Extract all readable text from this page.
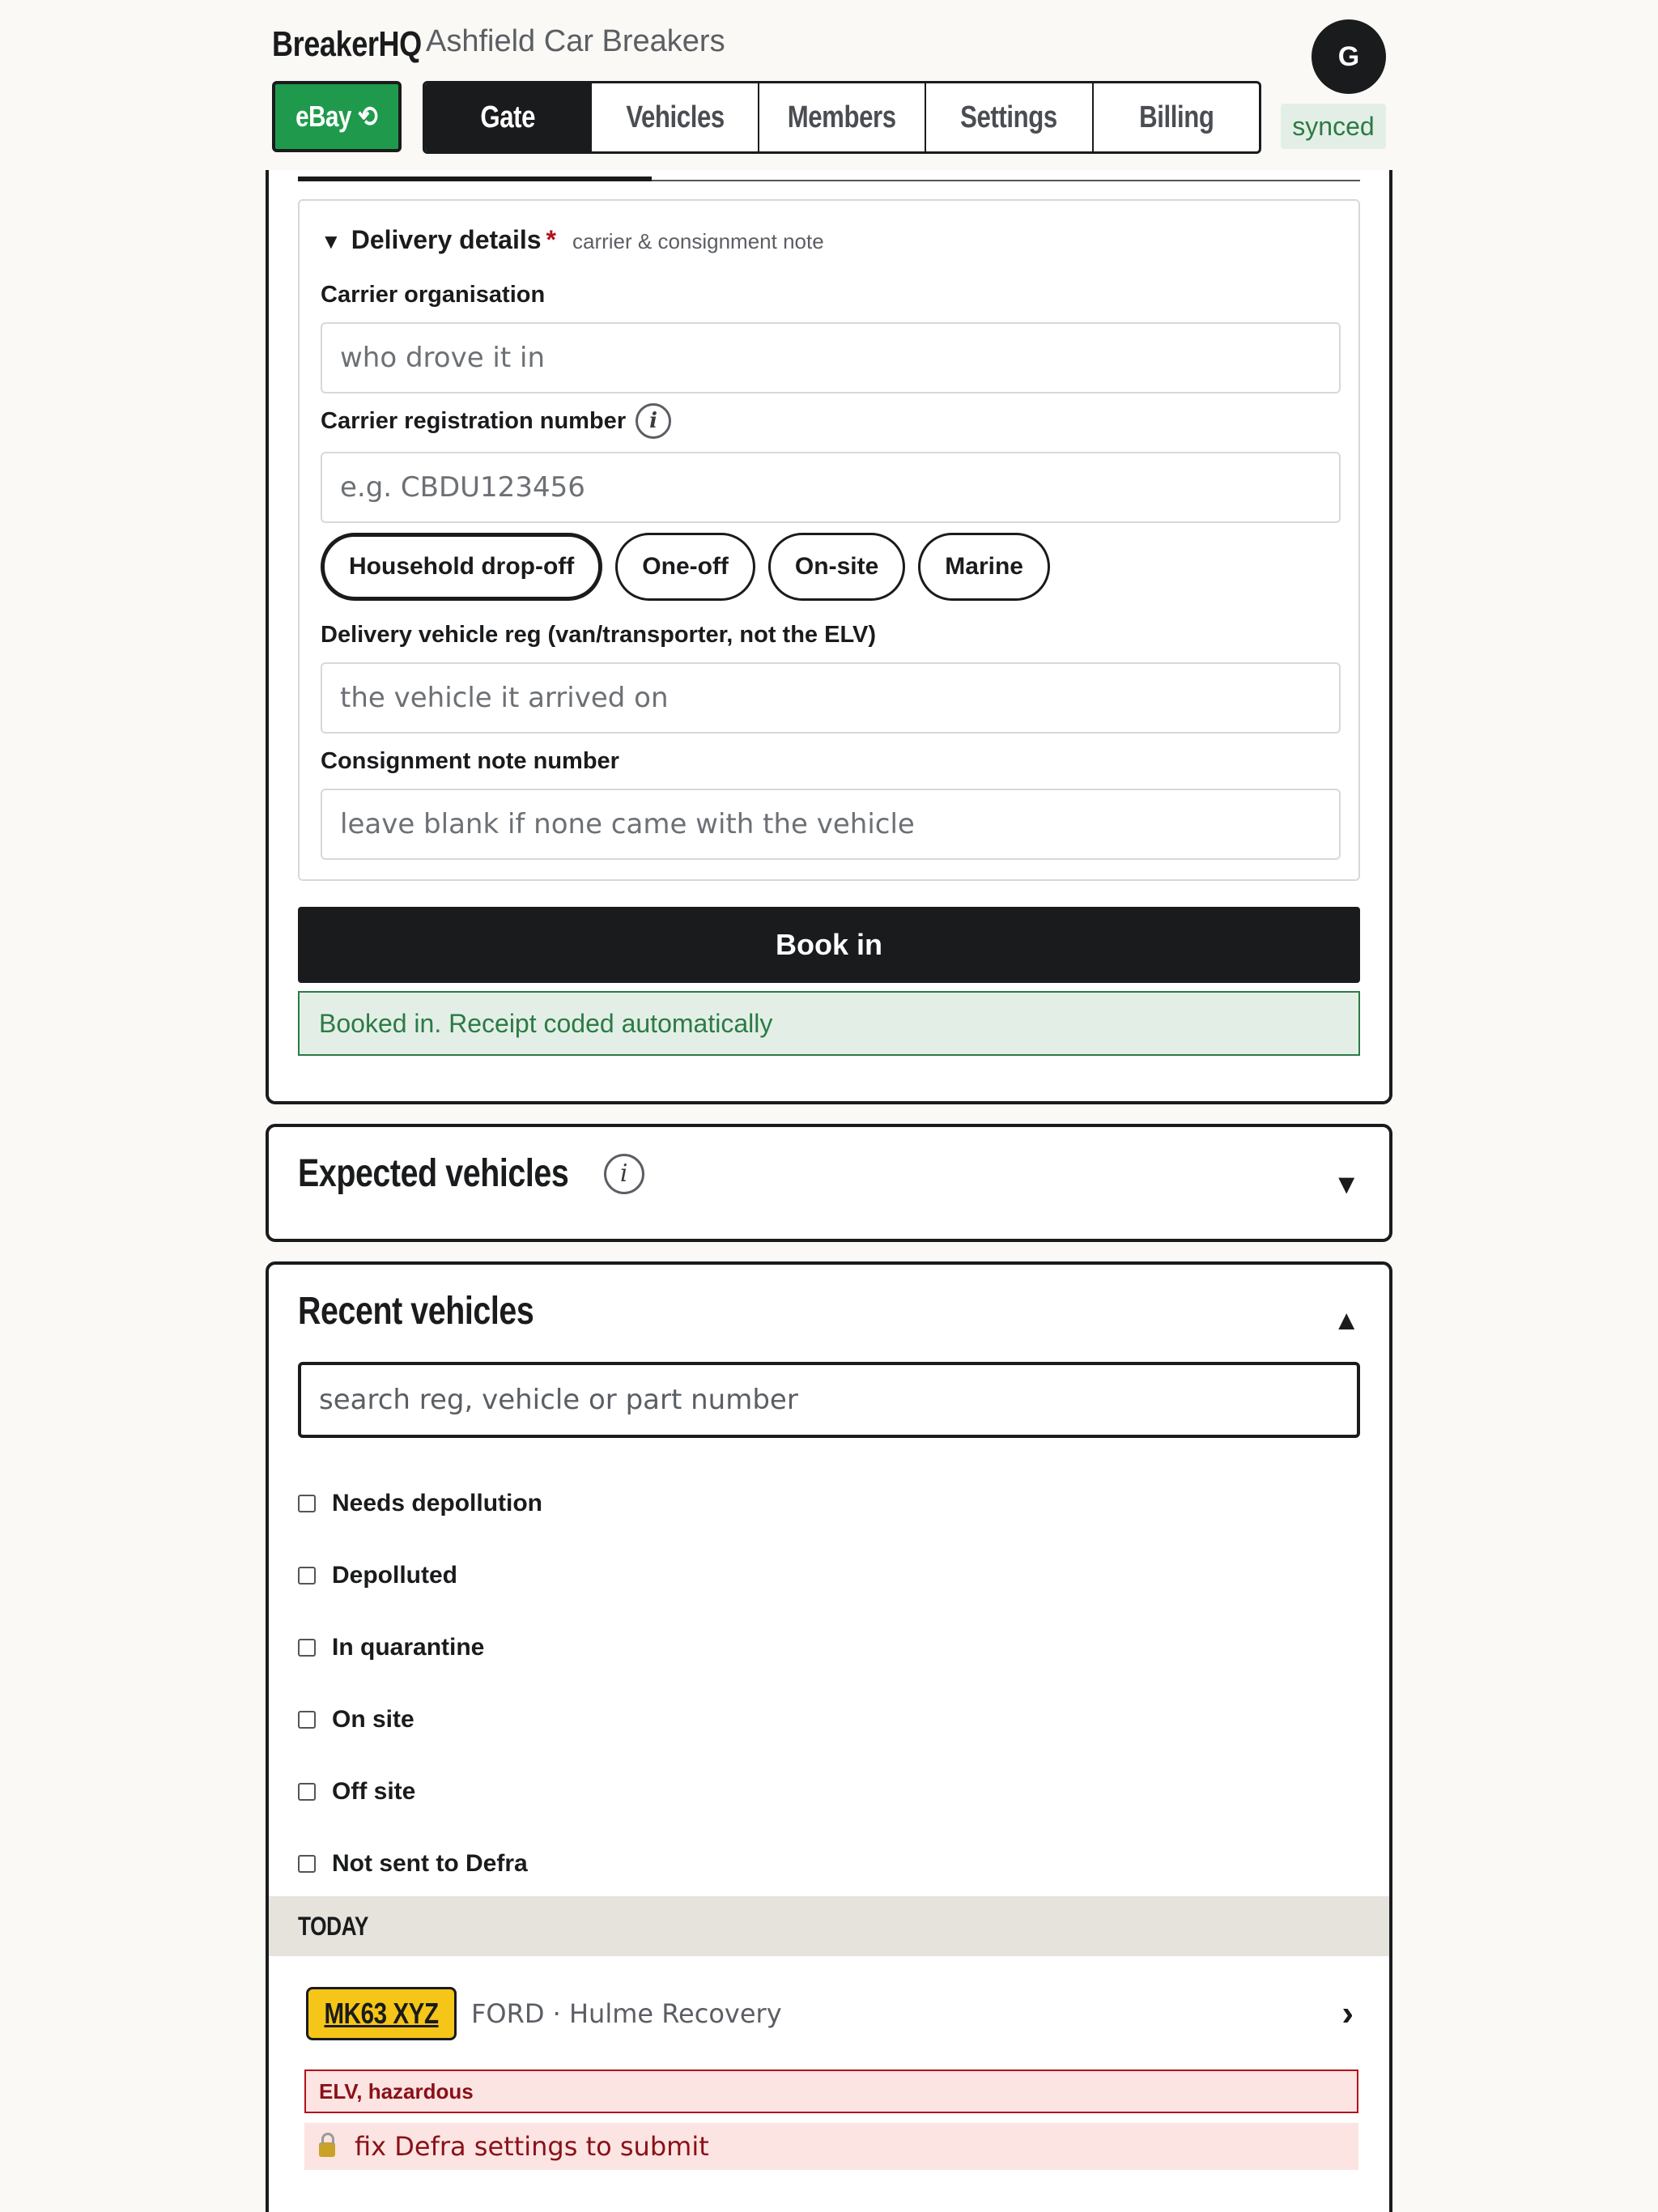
BreakerHQ Ashfield Car Breakers	G
eBay ⟲	Gate	Vehicles Members Settings	Billing	synced
▼ Delivery details * carrier & consignment note
Carrier organisation
who drove it in
Carrier registration number	i
e.g. CBDU123456
Household drop-off	One-off	On-site	Marine
Delivery vehicle reg (van/transporter, not the ELV)
the vehicle it arrived on
Consignment note number
leave blank if none came with the vehicle
Book in
Booked in. Receipt coded automatically
Expected vehicles	i	▼
Recent vehicles	▲
search reg, vehicle or part number
Needs depollution
Depolluted
In quarantine
On site
Off site
Not sent to Defra
TODAY
MK63 XYZ FORD · Hulme Recovery	›
ELV, hazardous
fix Defra settings to submit
